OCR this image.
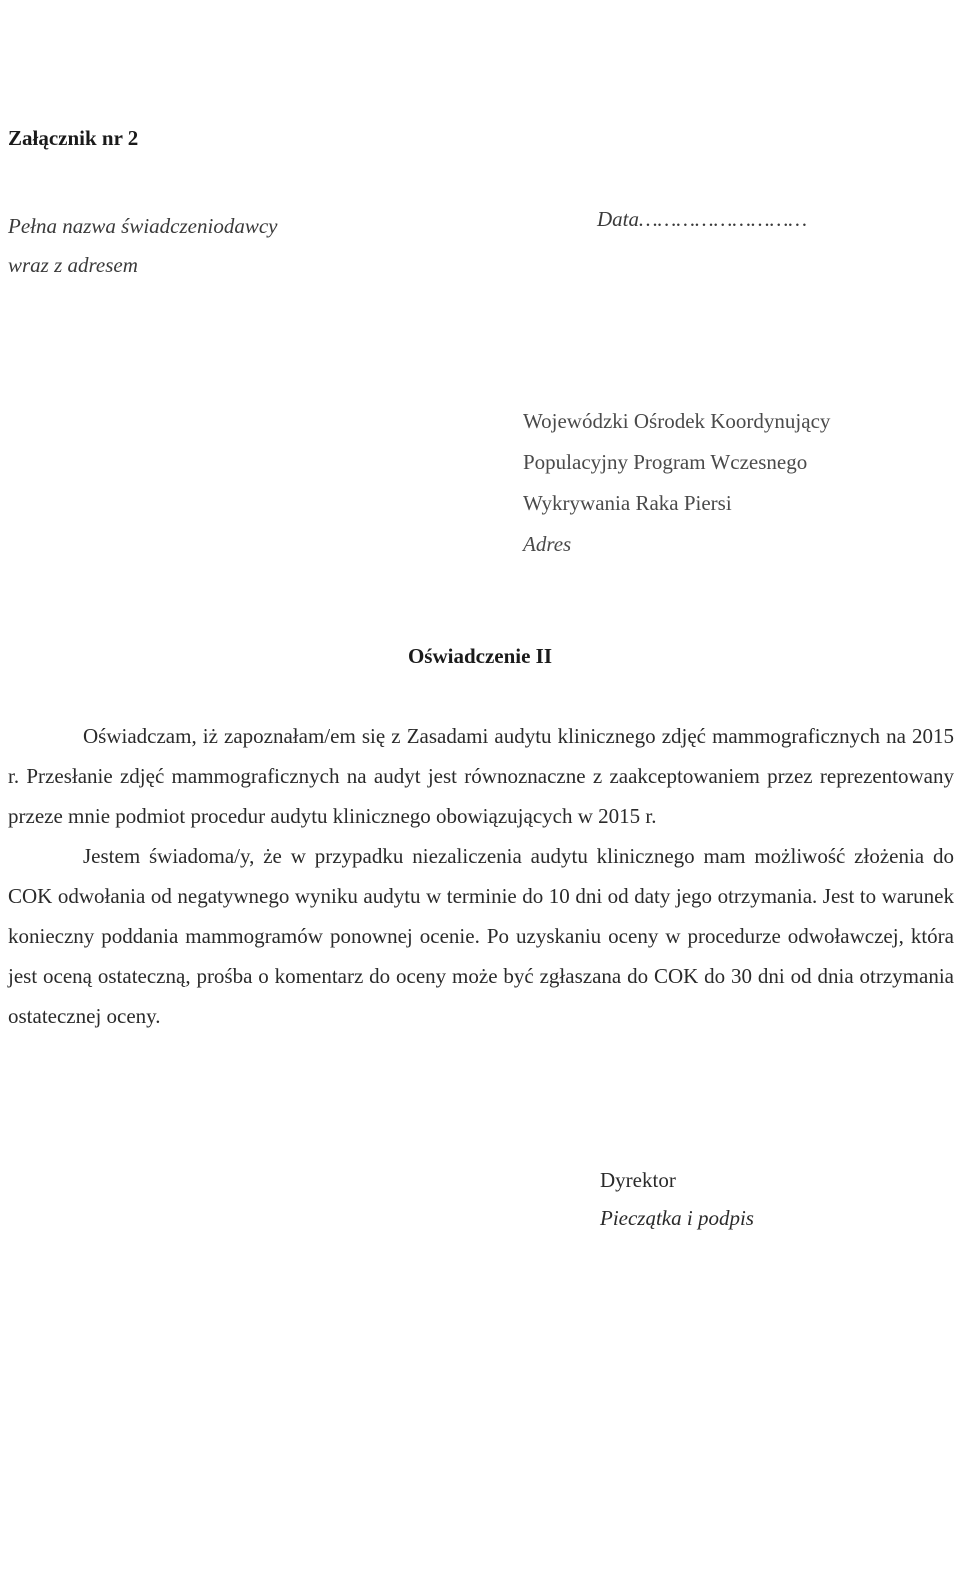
Załącznik nr 2
Pełna nazwa świadczeniodawcy
wraz z adresem
Data………………………
Wojewódzki Ośrodek Koordynujący
Populacyjny Program Wczesnego
Wykrywania Raka Piersi
Adres
Oświadczenie II

Oświadczam, iż zapoznałam/em się z Zasadami audytu klinicznego zdjęć mammograficznych na 2015 r. Przesłanie zdjęć mammograficznych na audyt jest równoznaczne z zaakceptowaniem przez reprezentowany przeze mnie podmiot procedur audytu klinicznego obowiązujących w 2015 r.

Jestem świadoma/y, że w przypadku niezaliczenia audytu klinicznego mam możliwość złożenia do COK odwołania od negatywnego wyniku audytu w terminie do 10 dni od daty jego otrzymania. Jest to warunek konieczny poddania mammogramów ponownej ocenie. Po uzyskaniu oceny w procedurze odwoławczej, która jest oceną ostateczną, prośba o komentarz do oceny może być zgłaszana do COK do 30 dni od dnia otrzymania ostatecznej oceny.

Dyrektor
Pieczątka i podpis
